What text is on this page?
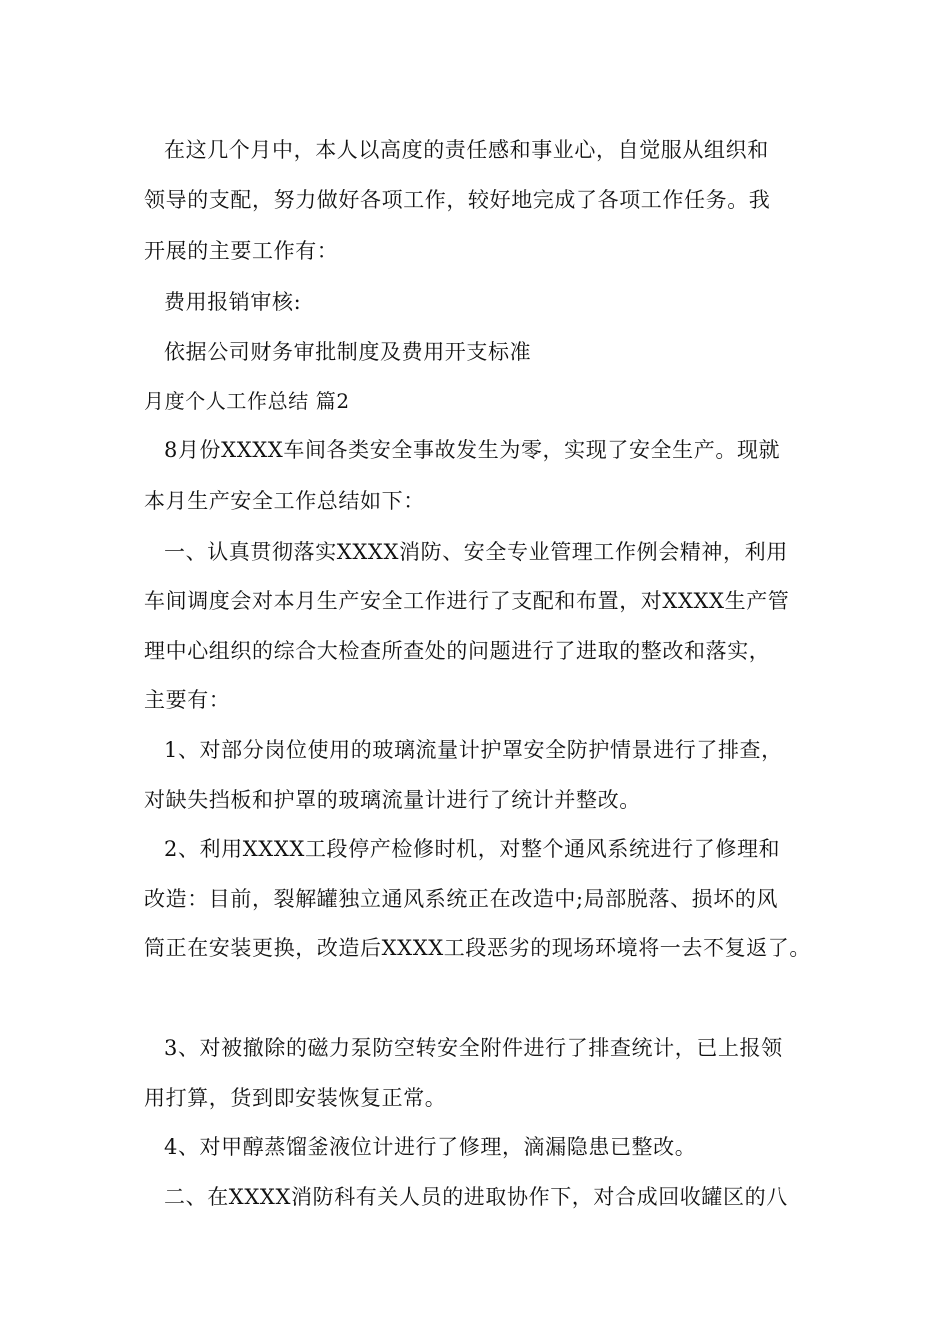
在这几个月中，本人以高度的责任感和事业心，自觉服从组织和
领导的支配，努力做好各项工作，较好地完成了各项工作任务。我
开展的主要工作有：
费用报销审核:
依据公司财务审批制度及费用开支标准
月度个人工作总结 篇2
8月份XXXX车间各类安全事故发生为零，实现了安全生产。现就
本月生产安全工作总结如下：
一、认真贯彻落实XXXX消防、安全专业管理工作例会精神，利用
车间调度会对本月生产安全工作进行了支配和布置，对XXXX生产管
理中心组织的综合大检查所查处的问题进行了进取的整改和落实，
主要有：
1、对部分岗位使用的玻璃流量计护罩安全防护情景进行了排查，
对缺失挡板和护罩的玻璃流量计进行了统计并整改。
2、利用XXXX工段停产检修时机，对整个通风系统进行了修理和
改造：目前，裂解罐独立通风系统正在改造中;局部脱落、损坏的风
筒正在安装更换，改造后XXXX工段恶劣的现场环境将一去不复返了。
3、对被撤除的磁力泵防空转安全附件进行了排查统计，已上报领
用打算，货到即安装恢复正常。
4、对甲醇蒸馏釜液位计进行了修理，滴漏隐患已整改。
二、在XXXX消防科有关人员的进取协作下，对合成回收罐区的八
